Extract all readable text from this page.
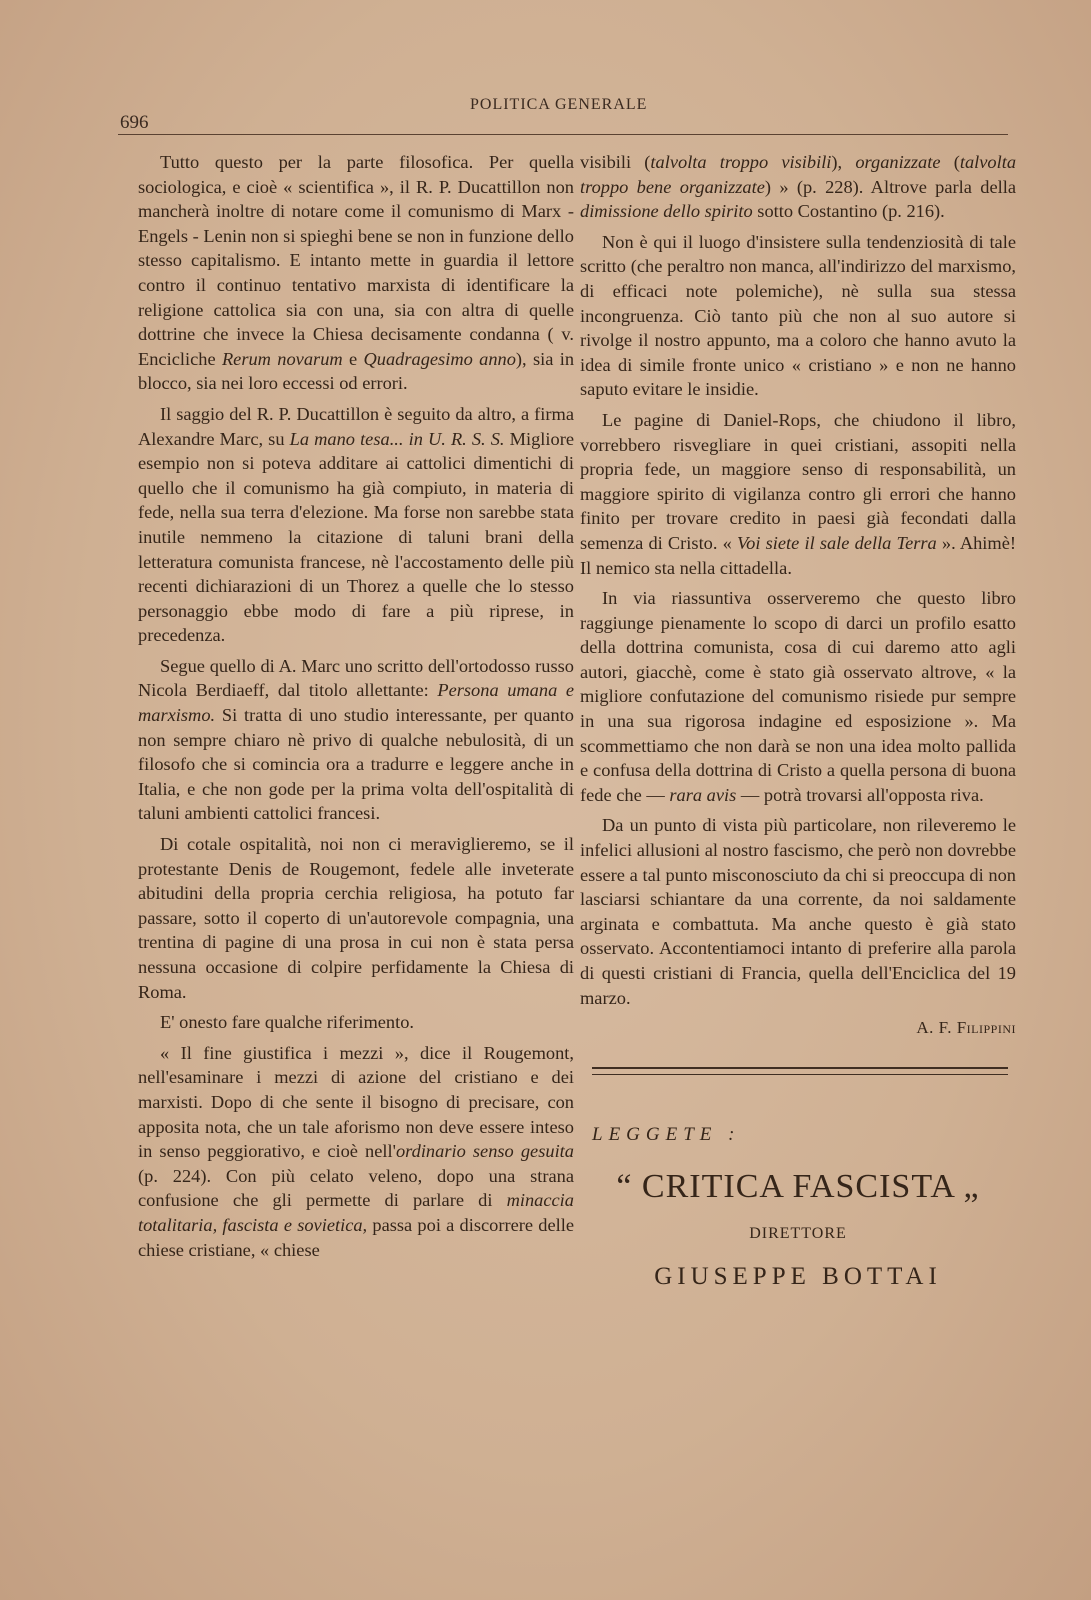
696
POLITICA GENERALE

Tutto questo per la parte filosofica. Per quella sociologica, e cioè « scientifica », il R. P. Ducattillon non mancherà inoltre di notare come il comunismo di Marx - Engels - Lenin non si spieghi bene se non in funzione dello stesso capitalismo. E intanto mette in guardia il lettore contro il continuo tentativo marxista di identificare la religione cattolica sia con una, sia con altra di quelle dottrine che invece la Chiesa decisamente condanna ( v. Encicliche Rerum novarum e Quadragesimo anno), sia in blocco, sia nei loro eccessi od errori.

Il saggio del R. P. Ducattillon è seguito da altro, a firma Alexandre Marc, su La mano tesa... in U. R. S. S. Migliore esempio non si poteva additare ai cattolici dimentichi di quello che il comunismo ha già compiuto, in materia di fede, nella sua terra d'elezione. Ma forse non sarebbe stata inutile nemmeno la citazione di taluni brani della letteratura comunista francese, nè l'accostamento delle più recenti dichiarazioni di un Thorez a quelle che lo stesso personaggio ebbe modo di fare a più riprese, in precedenza.

Segue quello di A. Marc uno scritto dell'ortodosso russo Nicola Berdiaeff, dal titolo allettante: Persona umana e marxismo. Si tratta di uno studio interessante, per quanto non sempre chiaro nè privo di qualche nebulosità, di un filosofo che si comincia ora a tradurre e leggere anche in Italia, e che non gode per la prima volta dell'ospitalità di taluni ambienti cattolici francesi.

Di cotale ospitalità, noi non ci meraviglieremo, se il protestante Denis de Rougemont, fedele alle inveterate abitudini della propria cerchia religiosa, ha potuto far passare, sotto il coperto di un'autorevole compagnia, una trentina di pagine di una prosa in cui non è stata persa nessuna occasione di colpire perfidamente la Chiesa di Roma.

E' onesto fare qualche riferimento.

« Il fine giustifica i mezzi », dice il Rougemont, nell'esaminare i mezzi di azione del cristiano e dei marxisti. Dopo di che sente il bisogno di precisare, con apposita nota, che un tale aforismo non deve essere inteso in senso peggiorativo, e cioè nell'ordinario senso gesuita (p. 224). Con più celato veleno, dopo una strana confusione che gli permette di parlare di minaccia totalitaria, fascista e sovietica, passa poi a discorrere delle chiese cristiane, « chiese

visibili (talvolta troppo visibili), organizzate (talvolta troppo bene organizzate) » (p. 228). Altrove parla della dimissione dello spirito sotto Costantino (p. 216).

Non è qui il luogo d'insistere sulla tendenziosità di tale scritto (che peraltro non manca, all'indirizzo del marxismo, di efficaci note polemiche), nè sulla sua stessa incongruenza. Ciò tanto più che non al suo autore si rivolge il nostro appunto, ma a coloro che hanno avuto la idea di simile fronte unico « cristiano » e non ne hanno saputo evitare le insidie.

Le pagine di Daniel-Rops, che chiudono il libro, vorrebbero risvegliare in quei cristiani, assopiti nella propria fede, un maggiore senso di responsabilità, un maggiore spirito di vigilanza contro gli errori che hanno finito per trovare credito in paesi già fecondati dalla semenza di Cristo. « Voi siete il sale della Terra ». Ahimè! Il nemico sta nella cittadella.

In via riassuntiva osserveremo che questo libro raggiunge pienamente lo scopo di darci un profilo esatto della dottrina comunista, cosa di cui daremo atto agli autori, giacchè, come è stato già osservato altrove, « la migliore confutazione del comunismo risiede pur sempre in una sua rigorosa indagine ed esposizione ». Ma scommettiamo che non darà se non una idea molto pallida e confusa della dottrina di Cristo a quella persona di buona fede che — rara avis — potrà trovarsi all'opposta riva.

Da un punto di vista più particolare, non rileveremo le infelici allusioni al nostro fascismo, che però non dovrebbe essere a tal punto misconosciuto da chi si preoccupa di non lasciarsi schiantare da una corrente, da noi saldamente arginata e combattuta. Ma anche questo è già stato osservato. Accontentiamoci intanto di preferire alla parola di questi cristiani di Francia, quella dell'Enciclica del 19 marzo.

A. F. Filippini
LEGGETE :
“ CRITICA FASCISTA „
DIRETTORE
GIUSEPPE BOTTAI
